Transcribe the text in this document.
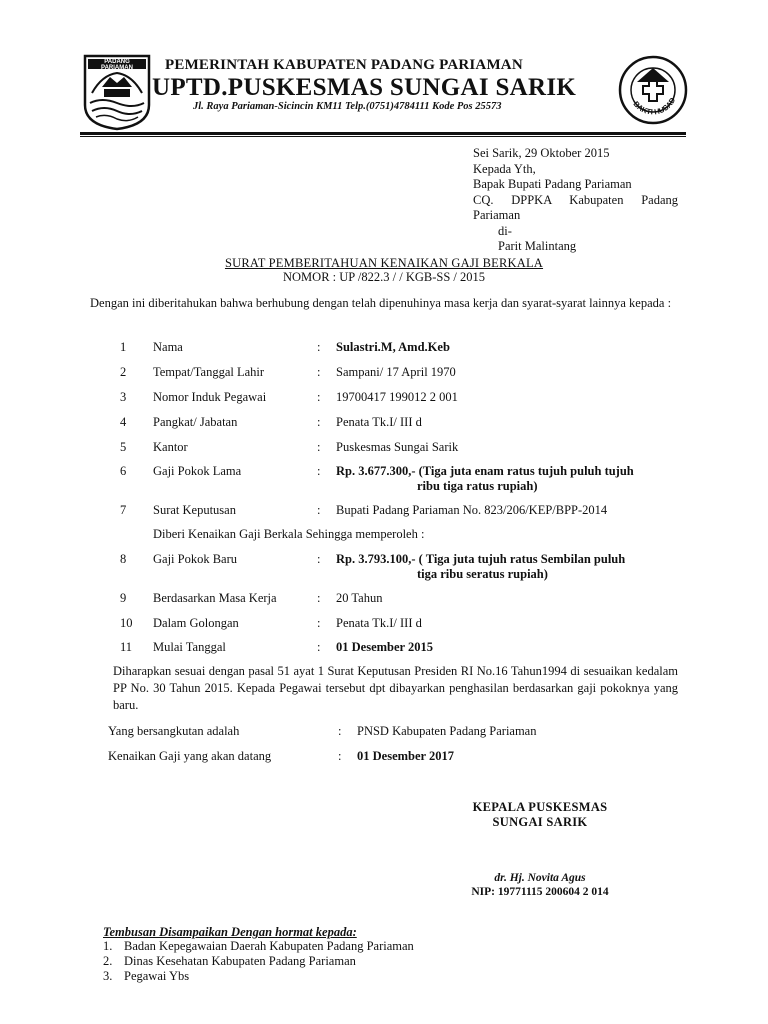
PADANG PARIAMAN	PEMERINTAH KABUPATEN PADANG PARIAMAN
UPTD.PUSKESMAS SUNGAI SARIK
Jl. Raya Pariaman-Sicincin KM11 Telp.(0751)4784111 Kode Pos 25573	BAKTI HUSAD
Sei Sarik, 29 Oktober 2015
Kepada Yth,
Bapak Bupati Padang Pariaman
CQ. DPPKA Kabupaten Padang Pariaman
di-
Parit Malintang
SURAT PEMBERITAHUAN KENAIKAN GAJI BERKALA
NOMOR : UP /822.3 / / KGB-SS / 2015
Dengan ini diberitahukan bahwa berhubung dengan telah dipenuhinya masa kerja dan syarat-syarat lainnya kepada :
1 Nama	: Sulastri.M, Amd.Keb
2 Tempat/Tanggal Lahir	: Sampani/ 17 April 1970
3 Nomor Induk Pegawai	: 19700417 199012 2 001
4 Pangkat/ Jabatan	: Penata Tk.I/ III d
5 Kantor	: Puskesmas Sungai Sarik
6 Gaji Pokok Lama	: Rp. 3.677.300,- (Tiga juta enam ratus tujuh puluh tujuh
ribu tiga ratus rupiah)
7 Surat Keputusan	: Bupati Padang Pariaman No. 823/206/KEP/BPP-2014
Diberi Kenaikan Gaji Berkala Sehingga memperoleh :
8 Gaji Pokok Baru	: Rp. 3.793.100,- ( Tiga juta tujuh ratus Sembilan puluh
tiga ribu seratus rupiah)
9 Berdasarkan Masa Kerja	: 20 Tahun
10 Dalam Golongan	: Penata Tk.I/ III d
11 Mulai Tanggal	: 01 Desember 2015
Diharapkan sesuai dengan pasal 51 ayat 1 Surat Keputusan Presiden RI No.16 Tahun1994 di sesuaikan kedalam PP No. 30 Tahun 2015. Kepada Pegawai tersebut dpt dibayarkan penghasilan berdasarkan gaji pokoknya yang baru.
Yang bersangkutan adalah	: PNSD Kabupaten Padang Pariaman
Kenaikan Gaji yang akan datang	: 01 Desember 2017
KEPALA PUSKESMAS
SUNGAI SARIK
dr. Hj. Novita Agus
NIP: 19771115 200604 2 014
Tembusan Disampaikan Dengan hormat kepada:
1. Badan Kepegawaian Daerah Kabupaten Padang Pariaman
2. Dinas Kesehatan Kabupaten Padang Pariaman
3. Pegawai Ybs
